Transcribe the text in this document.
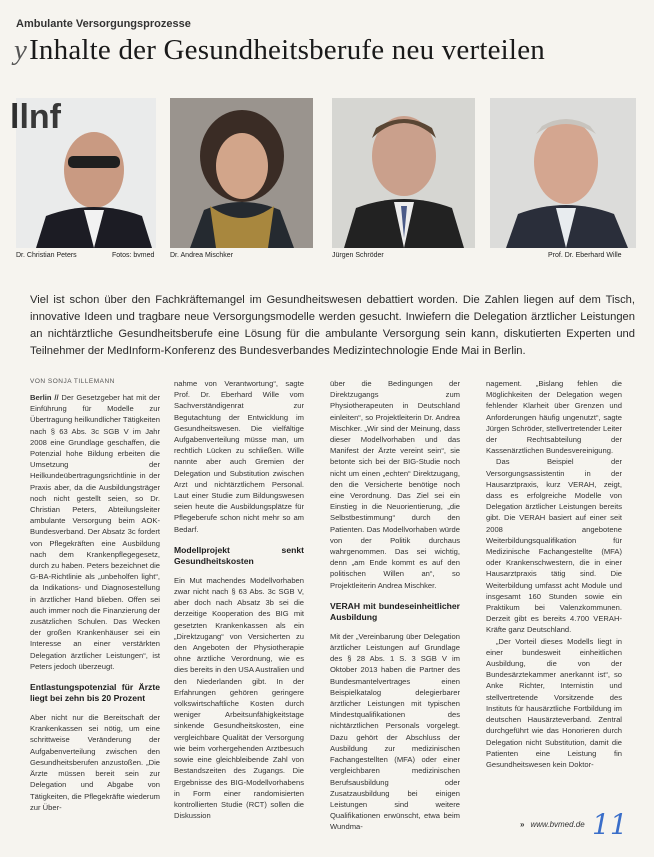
Ambulante Versorgungsprozesse
yInhalte der Gesundheitsberufe neu verteilen
llnf
Dr. Christian Peters	Fotos: bvmed Dr. Andrea Mischker	Jürgen Schröder	Prof. Dr. Eberhard Wille
Viel ist schon über den Fachkräftemangel im Gesundheitswesen debattiert worden. Die Zahlen liegen auf dem Tisch, innovative Ideen und tragbare neue Versorgungsmodelle werden gesucht. Inwiefern die Delegation ärztlicher Leistungen an nichtärztliche Gesundheitsberufe eine Lösung für die ambulante Versorgung sein kann, diskutierten Experten und Teilnehmer der MedInform-Konferenz des Bundesverbandes Medizintechnologie Ende Mai in Berlin.
VON SONJA TILLEMANN

Berlin // Der Gesetzgeber hat mit der Einführung für Modelle zur Übertragung heilkundlicher Tätigkeiten nach § 63 Abs. 3c SGB V im Jahr 2008 eine Grundlage geschaffen, die Potenzial hohe Bildung erbeiten die Umsetzung der Heilkundeübertragungsrichtlinie in der Praxis aber, da die Ausbildungsträger noch nicht gestellt seien, so Dr. Christian Peters, Abteilungsleiter ambulante Versorgung beim AOK-Bundesverband. Der Absatz 3c fordert von Pflegekräften eine Ausbildung nach dem Krankenpflegegesetz, durch zu haben. Peters bezeichnet die G-BA-Richtlinie als „unbeholfen light“, da Indikations- und Diagnosestellung in ärztlicher Hand blieben. Offen sei auch immer noch die Finanzierung der zusätzlichen Schulen. Das Wecken der großen Krankenhäuser sei ein Interesse an einer verstärkten Delegation ärztlicher Leistungen“, ist Peters jedoch überzeugt.

Entlastungspotenzial für Ärzte liegt bei zehn bis 20 Prozent

Aber nicht nur die Bereitschaft der Krankenkassen sei nötig, um eine schrittweise Veränderung der Aufgabenverteilung zwischen den Gesundheitsberufen anzustoßen. „Die Ärzte müssen bereit sein zur Delegation und Abgabe von Tätigkeiten, die Pflegekräfte wiederum zur Über-

nahme von Verantwortung“, sagte Prof. Dr. Eberhard Wille vom Sachverständigenrat zur Begutachtung der Entwicklung im Gesundheitswesen. Die vielfältige Aufgabenverteilung müsse man, um rechtlich Lücken zu schließen. Wille nannte aber auch Gremien der Delegation und Substitution zwischen Arzt und nichtärztlichem Personal. Laut einer Studie zum Bildungswesen seien heute die Ausbildungsplätze für Pflegeberufe schon nicht mehr so am Bedarf.

Modellprojekt senkt Gesundheitskosten

Ein Mut machendes Modellvorhaben zwar nicht nach § 63 Abs. 3c SGB V, aber doch nach Absatz 3b sei die derzeitige Kooperation des BIG mit gesetzten Krankenkassen als ein „Direktzugang“ von Versicherten zu den Angeboten der Physiotherapie ohne ärztliche Verordnung, wie es dies bereits in den USA Australien und den Niederlanden gibt. In der Erfahrungen gehören geringere volkswirtschaftliche Kosten durch weniger Arbeitsunfähigkeitstage sinkende Gesundheitskosten, eine vergleichbare Qualität der Versorgung wie beim vorhergehenden Arztbesuch sowie eine gleichbleibende Zahl von Bestandszeiten des Zugangs. Die Ergebnisse des BIG-Modellvorhabens in Form einer randomisierten kontrollierten Studie (RCT) sollen die Diskussion

über die Bedingungen der Direktzugangs zum Physiotherapeuten in Deutschland einleiten“, so Projektleiterin Dr. Andrea Mischker. „Wir sind der Meinung, dass dieser Modellvorhaben und das Manifest der Ärzte vereint sein“, sie betonte sich bei der BIG-Studie noch nicht um einen „echten“ Direktzugang, den die Versicherte benötige noch eine Verordnung. Das Ziel sei ein Einstieg in die Neuorientierung, „die Selbstbestimmung“ durch den Patienten. Das Modellvorhaben würde von der Politik durchaus wahrgenommen. Das sei wichtig, denn „am Ende kommt es auf den politischen Willen an“, so Projektleiterin Andrea Mischker.

VERAH mit bundeseinheitlicher Ausbildung

Mit der „Vereinbarung über Delegation ärztlicher Leistungen auf Grundlage des § 28 Abs. 1 S. 3 SGB V im Oktober 2013 haben die Partner des Bundesmantelvertrages einen Beispielkatalog delegierbarer ärztlicher Leistungen mit typischen Mindestqualifikationen des nichtärztlichen Personals vorgelegt. Dazu gehört der Abschluss der Ausbildung zur medizinischen Fachangestellten (MFA) oder einer vergleichbaren medizinischen Berufsausbildung oder Zusatzausbildung bei einigen Leistungen sind weitere Qualifikationen erwünscht, etwa beim Wundma-

nagement. „Bislang fehlen die Möglichkeiten der Delegation wegen fehlender Klarheit über Grenzen und Anforderungen häufig ungenutzt“, sagte Jürgen Schröder, stellvertretender Leiter der Rechtsabteilung der Kassenärztlichen Bundesvereinigung.

Das Beispiel der Versorgungsassistentin in der Hausarztpraxis, kurz VERAH, zeigt, dass es erfolgreiche Modelle von Delegation ärztlicher Leistungen bereits gibt. Die VERAH basiert auf einer seit 2008 angebotene Weiterbildungsqualifikation für Medizinische Fachangestellte (MFA) oder Krankenschwestern, die in einer Hausarztpraxis tätig sind. Die Weiterbildung umfasst acht Module und insgesamt 160 Stunden sowie ein Praktikum bei Valenzkommunen. Derzeit gibt es bereits 4.700 VERAH-Kräfte ganz Deutschland.

„Der Vorteil dieses Modells liegt in einer bundesweit einheitlichen Ausbildung, die von der Bundesärztekammer anerkannt ist“, so Anke Richter, Internistin und stellvertretende Vorsitzende des Instituts für hausärztliche Fortbildung im deutschen Hausärzteverband. Zentral durchgeführt wie das Honorieren durch Delegation nicht Substitution, damit die Patienten eine Leistung fin Gesundheitswesen kein Doktor-

» www.bvmed.de 11
